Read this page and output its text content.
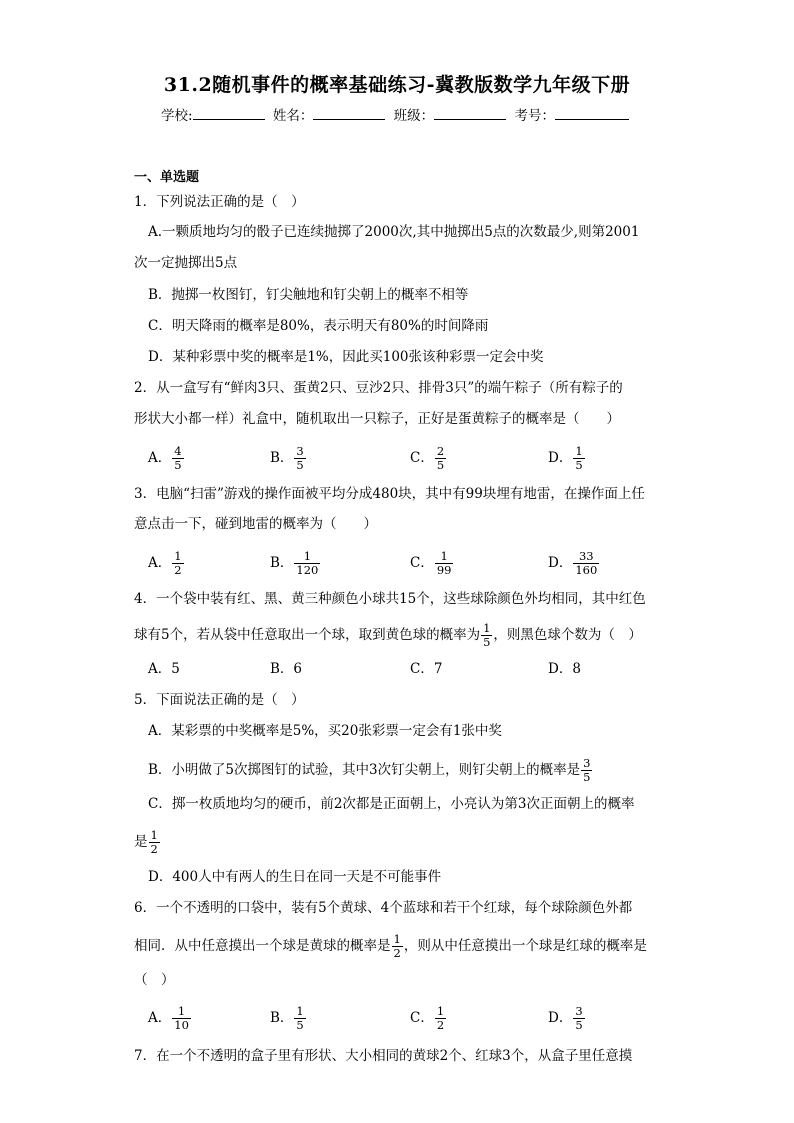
31.2随机事件的概率基础练习-冀教版数学九年级下册
学校:	姓名：	班级：	考号：
一、单选题
1．下列说法正确的是（　）
A.一颗质地均匀的骰子已连续抛掷了2000次,其中抛掷出5点的次数最少,则第2001
次一定抛掷出5点
B．抛掷一枚图钉，钉尖触地和钉尖朝上的概率不相等
C．明天降雨的概率是80%，表示明天有80%的时间降雨
D．某种彩票中奖的概率是1%，因此买100张该种彩票一定会中奖
2．从一盒写有“鲜肉3只、蛋黄2只、豆沙2只、排骨3只”的端午粽子（所有粽子的
形状大小都一样）礼盒中，随机取出一只粽子，正好是蛋黄粽子的概率是（　　）
A． $\frac{4}{5}$	B． $\frac{3}{5}$	C． $\frac{2}{5}$	D． $\frac{1}{5}$
3．电脑“扫雷”游戏的操作面被平均分成480块，其中有99块埋有地雷，在操作面上任
意点击一下，碰到地雷的概率为（　　）
A． $\frac{1}{2}$	B． $\frac{1}{120}$	C． $\frac{1}{99}$	D． $\frac{33}{160}$
4．一个袋中装有红、黑、黄三种颜色小球共15个，这些球除颜色外均相同，其中红色
球有5个，若从袋中任意取出一个球，取到黄色球的概率为 $\frac{1}{5}$ ，则黑色球个数为（　）
A．5	B．6	C．7	D．8
5．下面说法正确的是（　）
A．某彩票的中奖概率是5%，买20张彩票一定会有1张中奖
B．小明做了5次掷图钉的试验，其中3次钉尖朝上，则钉尖朝上的概率是 $\frac{3}{5}$
C．掷一枚质地均匀的硬币，前2次都是正面朝上，小亮认为第3次正面朝上的概率
是 $\frac{1}{2}$
D．400人中有两人的生日在同一天是不可能事件
6．一个不透明的口袋中，装有5个黄球、4个蓝球和若干个红球，每个球除颜色外都
相同．从中任意摸出一个球是黄球的概率是 $\frac{1}{2}$ ，则从中任意摸出一个球是红球的概率是
（　）
A． $\frac{1}{10}$	B． $\frac{1}{5}$	C． $\frac{1}{2}$	D． $\frac{3}{5}$
7．在一个不透明的盒子里有形状、大小相同的黄球2个、红球3个，从盒子里任意摸
